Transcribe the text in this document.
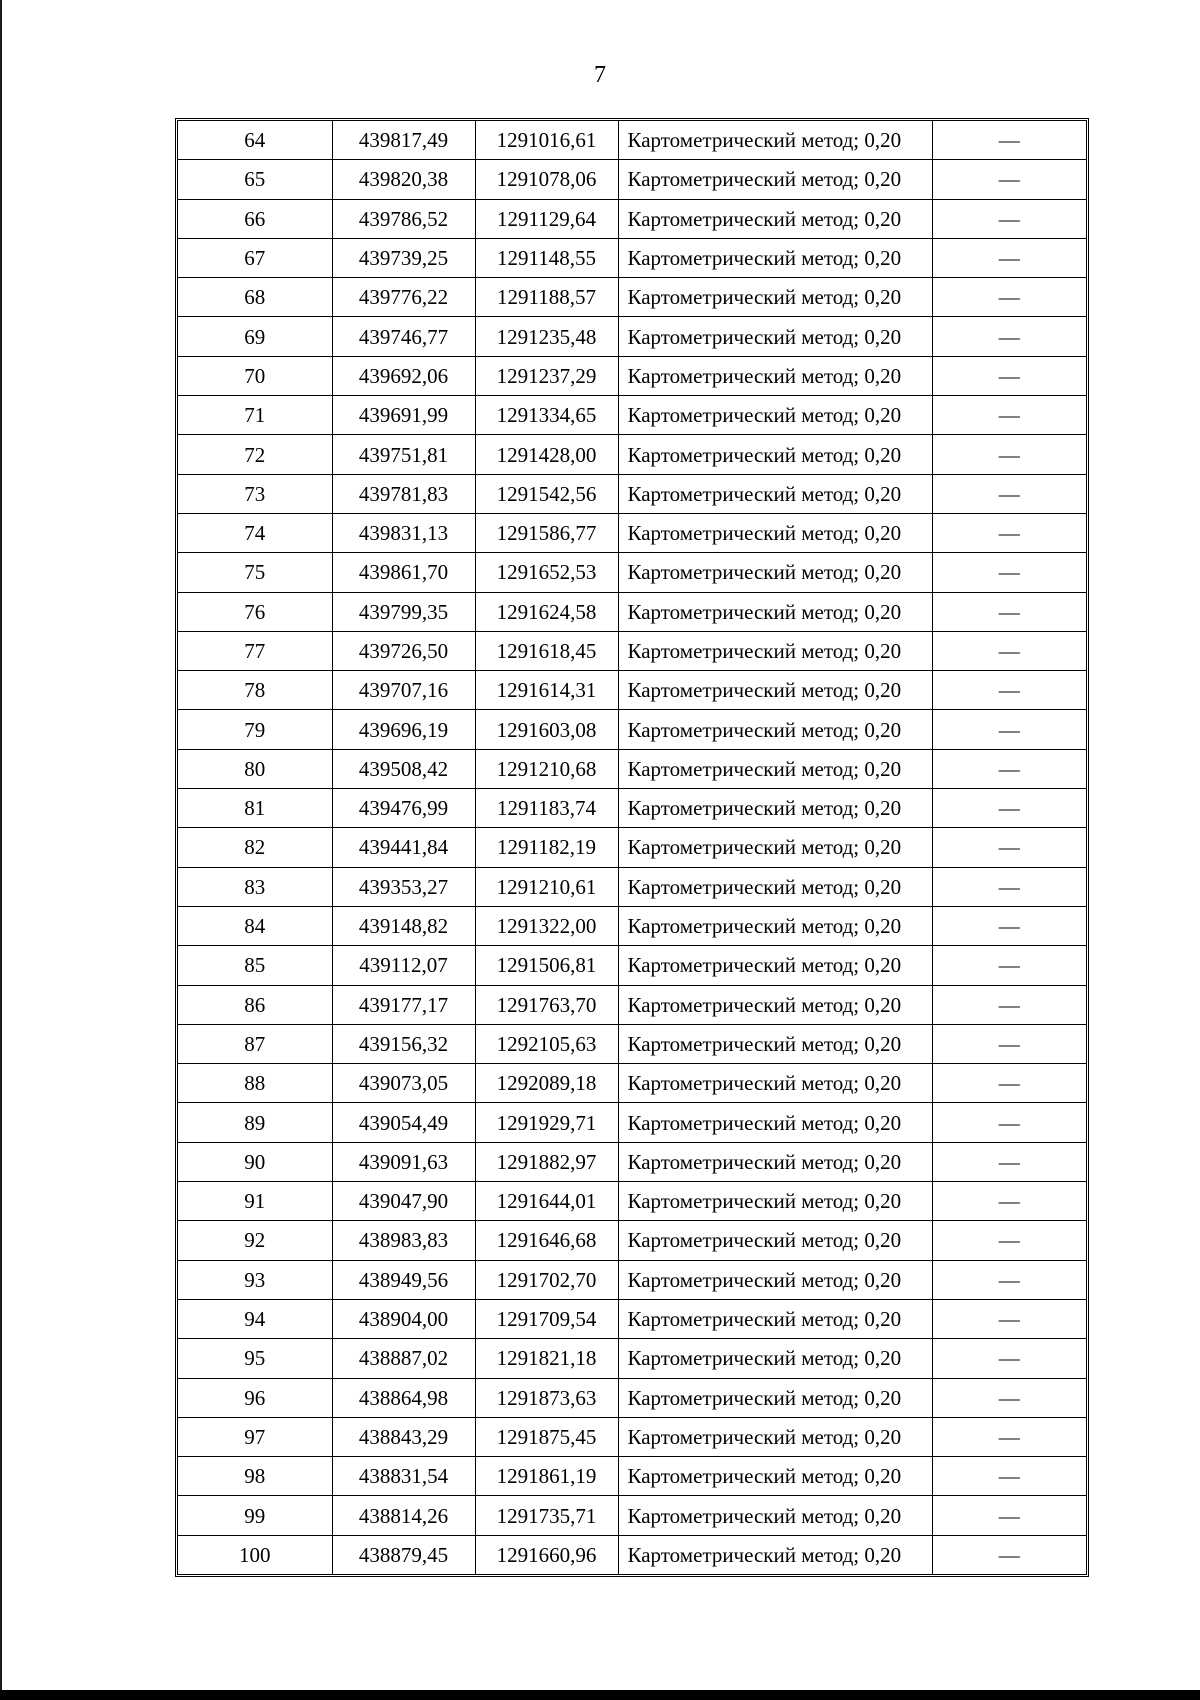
7
64	439817,49	1291016,61	Картометрический метод; 0,20	—
65	439820,38	1291078,06	Картометрический метод; 0,20	—
66	439786,52	1291129,64	Картометрический метод; 0,20	—
67	439739,25	1291148,55	Картометрический метод; 0,20	—
68	439776,22	1291188,57	Картометрический метод; 0,20	—
69	439746,77	1291235,48	Картометрический метод; 0,20	—
70	439692,06	1291237,29	Картометрический метод; 0,20	—
71	439691,99	1291334,65	Картометрический метод; 0,20	—
72	439751,81	1291428,00	Картометрический метод; 0,20	—
73	439781,83	1291542,56	Картометрический метод; 0,20	—
74	439831,13	1291586,77	Картометрический метод; 0,20	—
75	439861,70	1291652,53	Картометрический метод; 0,20	—
76	439799,35	1291624,58	Картометрический метод; 0,20	—
77	439726,50	1291618,45	Картометрический метод; 0,20	—
78	439707,16	1291614,31	Картометрический метод; 0,20	—
79	439696,19	1291603,08	Картометрический метод; 0,20	—
80	439508,42	1291210,68	Картометрический метод; 0,20	—
81	439476,99	1291183,74	Картометрический метод; 0,20	—
82	439441,84	1291182,19	Картометрический метод; 0,20	—
83	439353,27	1291210,61	Картометрический метод; 0,20	—
84	439148,82	1291322,00	Картометрический метод; 0,20	—
85	439112,07	1291506,81	Картометрический метод; 0,20	—
86	439177,17	1291763,70	Картометрический метод; 0,20	—
87	439156,32	1292105,63	Картометрический метод; 0,20	—
88	439073,05	1292089,18	Картометрический метод; 0,20	—
89	439054,49	1291929,71	Картометрический метод; 0,20	—
90	439091,63	1291882,97	Картометрический метод; 0,20	—
91	439047,90	1291644,01	Картометрический метод; 0,20	—
92	438983,83	1291646,68	Картометрический метод; 0,20	—
93	438949,56	1291702,70	Картометрический метод; 0,20	—
94	438904,00	1291709,54	Картометрический метод; 0,20	—
95	438887,02	1291821,18	Картометрический метод; 0,20	—
96	438864,98	1291873,63	Картометрический метод; 0,20	—
97	438843,29	1291875,45	Картометрический метод; 0,20	—
98	438831,54	1291861,19	Картометрический метод; 0,20	—
99	438814,26	1291735,71	Картометрический метод; 0,20	—
100	438879,45	1291660,96	Картометрический метод; 0,20	—
